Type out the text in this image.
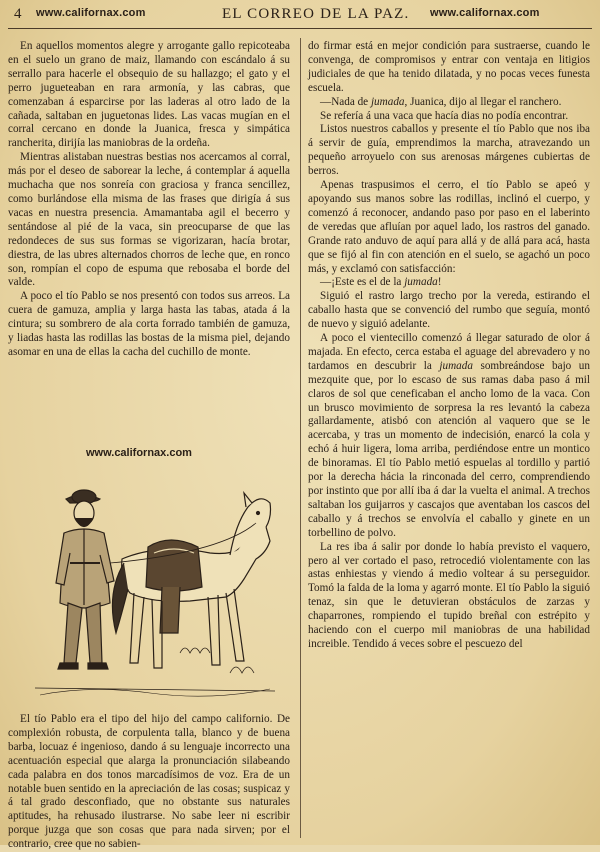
4 www.californax.com	EL CORREO DE LA PAZ. www.californax.com

En aquellos momentos alegre y arrogante gallo repicoteaba en el suelo un grano de maiz, llamando con escándalo á su serrallo para hacerle el obsequio de su hallazgo; el gato y el perro jugueteaban en rara armonía, y las cabras, que comenzaban á esparcirse por las laderas al otro lado de la cañada, saltaban en juguetonas lides. Las vacas mugían en el corral cercano en donde la Juanica, fresca y simpática rancherita, dirijía las maniobras de la ordeña.

Mientras alistaban nuestras bestias nos acercamos al corral, más por el deseo de saborear la leche, á contemplar á aquella muchacha que nos sonreía con graciosa y franca sencillez, como burlándose ella misma de las frases que dirigía á sus vacas en nuestra presencia. Amamantaba agil el becerro y sentándose al pié de la vaca, sin preocuparse de que las redondeces de sus sus formas se vigorizaran, hacía brotar, diestra, de las ubres alternados chorros de leche que, en ronco son, rompían el copo de espuma que rebosaba el borde del valde.

A poco el tío Pablo se nos presentó con todos sus arreos. La cuera de gamuza, amplia y larga hasta las tabas, atada á la cintura; su sombrero de ala corta forrado también de gamuza, y liadas hasta las rodillas las bostas de la misma piel, dejando asomar en una de ellas la cacha del cuchillo de monte.

www.californax.com

El tío Pablo era el tipo del hijo del campo californio. De complexión robusta, de corpulenta talla, blanco y de buena barba, locuaz é ingenioso, dando á su lenguaje incorrecto una acentuación especial que alarga la pronunciación silabeando cada palabra en dos tonos marcadísimos de voz. Era de un notable buen sentido en la apreciación de las cosas; suspicaz y á tal grado desconfiado, que no obstante sus naturales aptitudes, ha rehusado ilustrarse. No sabe leer ni escribir porque juzga que son cosas que para nada sirven; por el contrario, cree que no sabien-

do firmar está en mejor condición para sustraerse, cuando le convenga, de compromisos y entrar con ventaja en litigios judiciales de que ha tenido dilatada, y no pocas veces funesta escuela.

—Nada de jumada, Juanica, dijo al llegar el ranchero.

Se refería á una vaca que hacía dias no podía encontrar.

Listos nuestros caballos y presente el tío Pablo que nos iba á servir de guía, emprendimos la marcha, atravezando un pequeño arroyuelo con sus arenosas márgenes cubiertas de berros.

Apenas traspusimos el cerro, el tío Pablo se apeó y apoyando sus manos sobre las rodillas, inclinó el cuerpo, y comenzó á reconocer, andando paso por paso en el laberinto de veredas que afluían por aquel lado, los rastros del ganado. Grande rato anduvo de aquí para allá y de allá para acá, hasta que se fijó al fin con atención en el suelo, se agachó un poco más, y exclamó con satisfacción:

—¡Este es el de la jumada!

Siguió el rastro largo trecho por la vereda, estirando el caballo hasta que se convenció del rumbo que seguía, montó de nuevo y siguió adelante.

A poco el vientecillo comenzó á llegar saturado de olor á majada. En efecto, cerca estaba el aguage del abrevadero y no tardamos en descubrir la jumada sombreándose bajo un mezquite que, por lo escaso de sus ramas daba paso á mil claros de sol que ceneficaban el ancho lomo de la vaca. Con un brusco movimiento de sorpresa la res levantó la cabeza gallardamente, atisbó con atención al vaquero que se le acercaba, y tras un momento de indecisión, enarcó la cola y echó á huir ligera, loma arriba, perdiéndose entre un montico de binoramas. El tío Pablo metió espuelas al tordillo y partió por la derecha hácia la rinconada del cerro, comprendiendo por instinto que por allí iba á dar la vuelta el animal. A trechos saltaban los guijarros y cascajos que aventaban los cascos del caballo y á trechos se envolvía el caballo y ginete en un torbellino de polvo.

La res iba á salir por donde lo había previsto el vaquero, pero al ver cortado el paso, retrocedió violentamente con las astas enhiestas y viendo á medio voltear á su perseguidor. Tomó la falda de la loma y agarró monte. El tío Pablo la siguió tenaz, sin que le detuvieran obstáculos de zarzas y chaparrones, rompiendo el tupido breñal con estrépito y haciendo con el cuerpo mil maniobras de una habilidad increible. Tendido á veces sobre el pescuezo del
